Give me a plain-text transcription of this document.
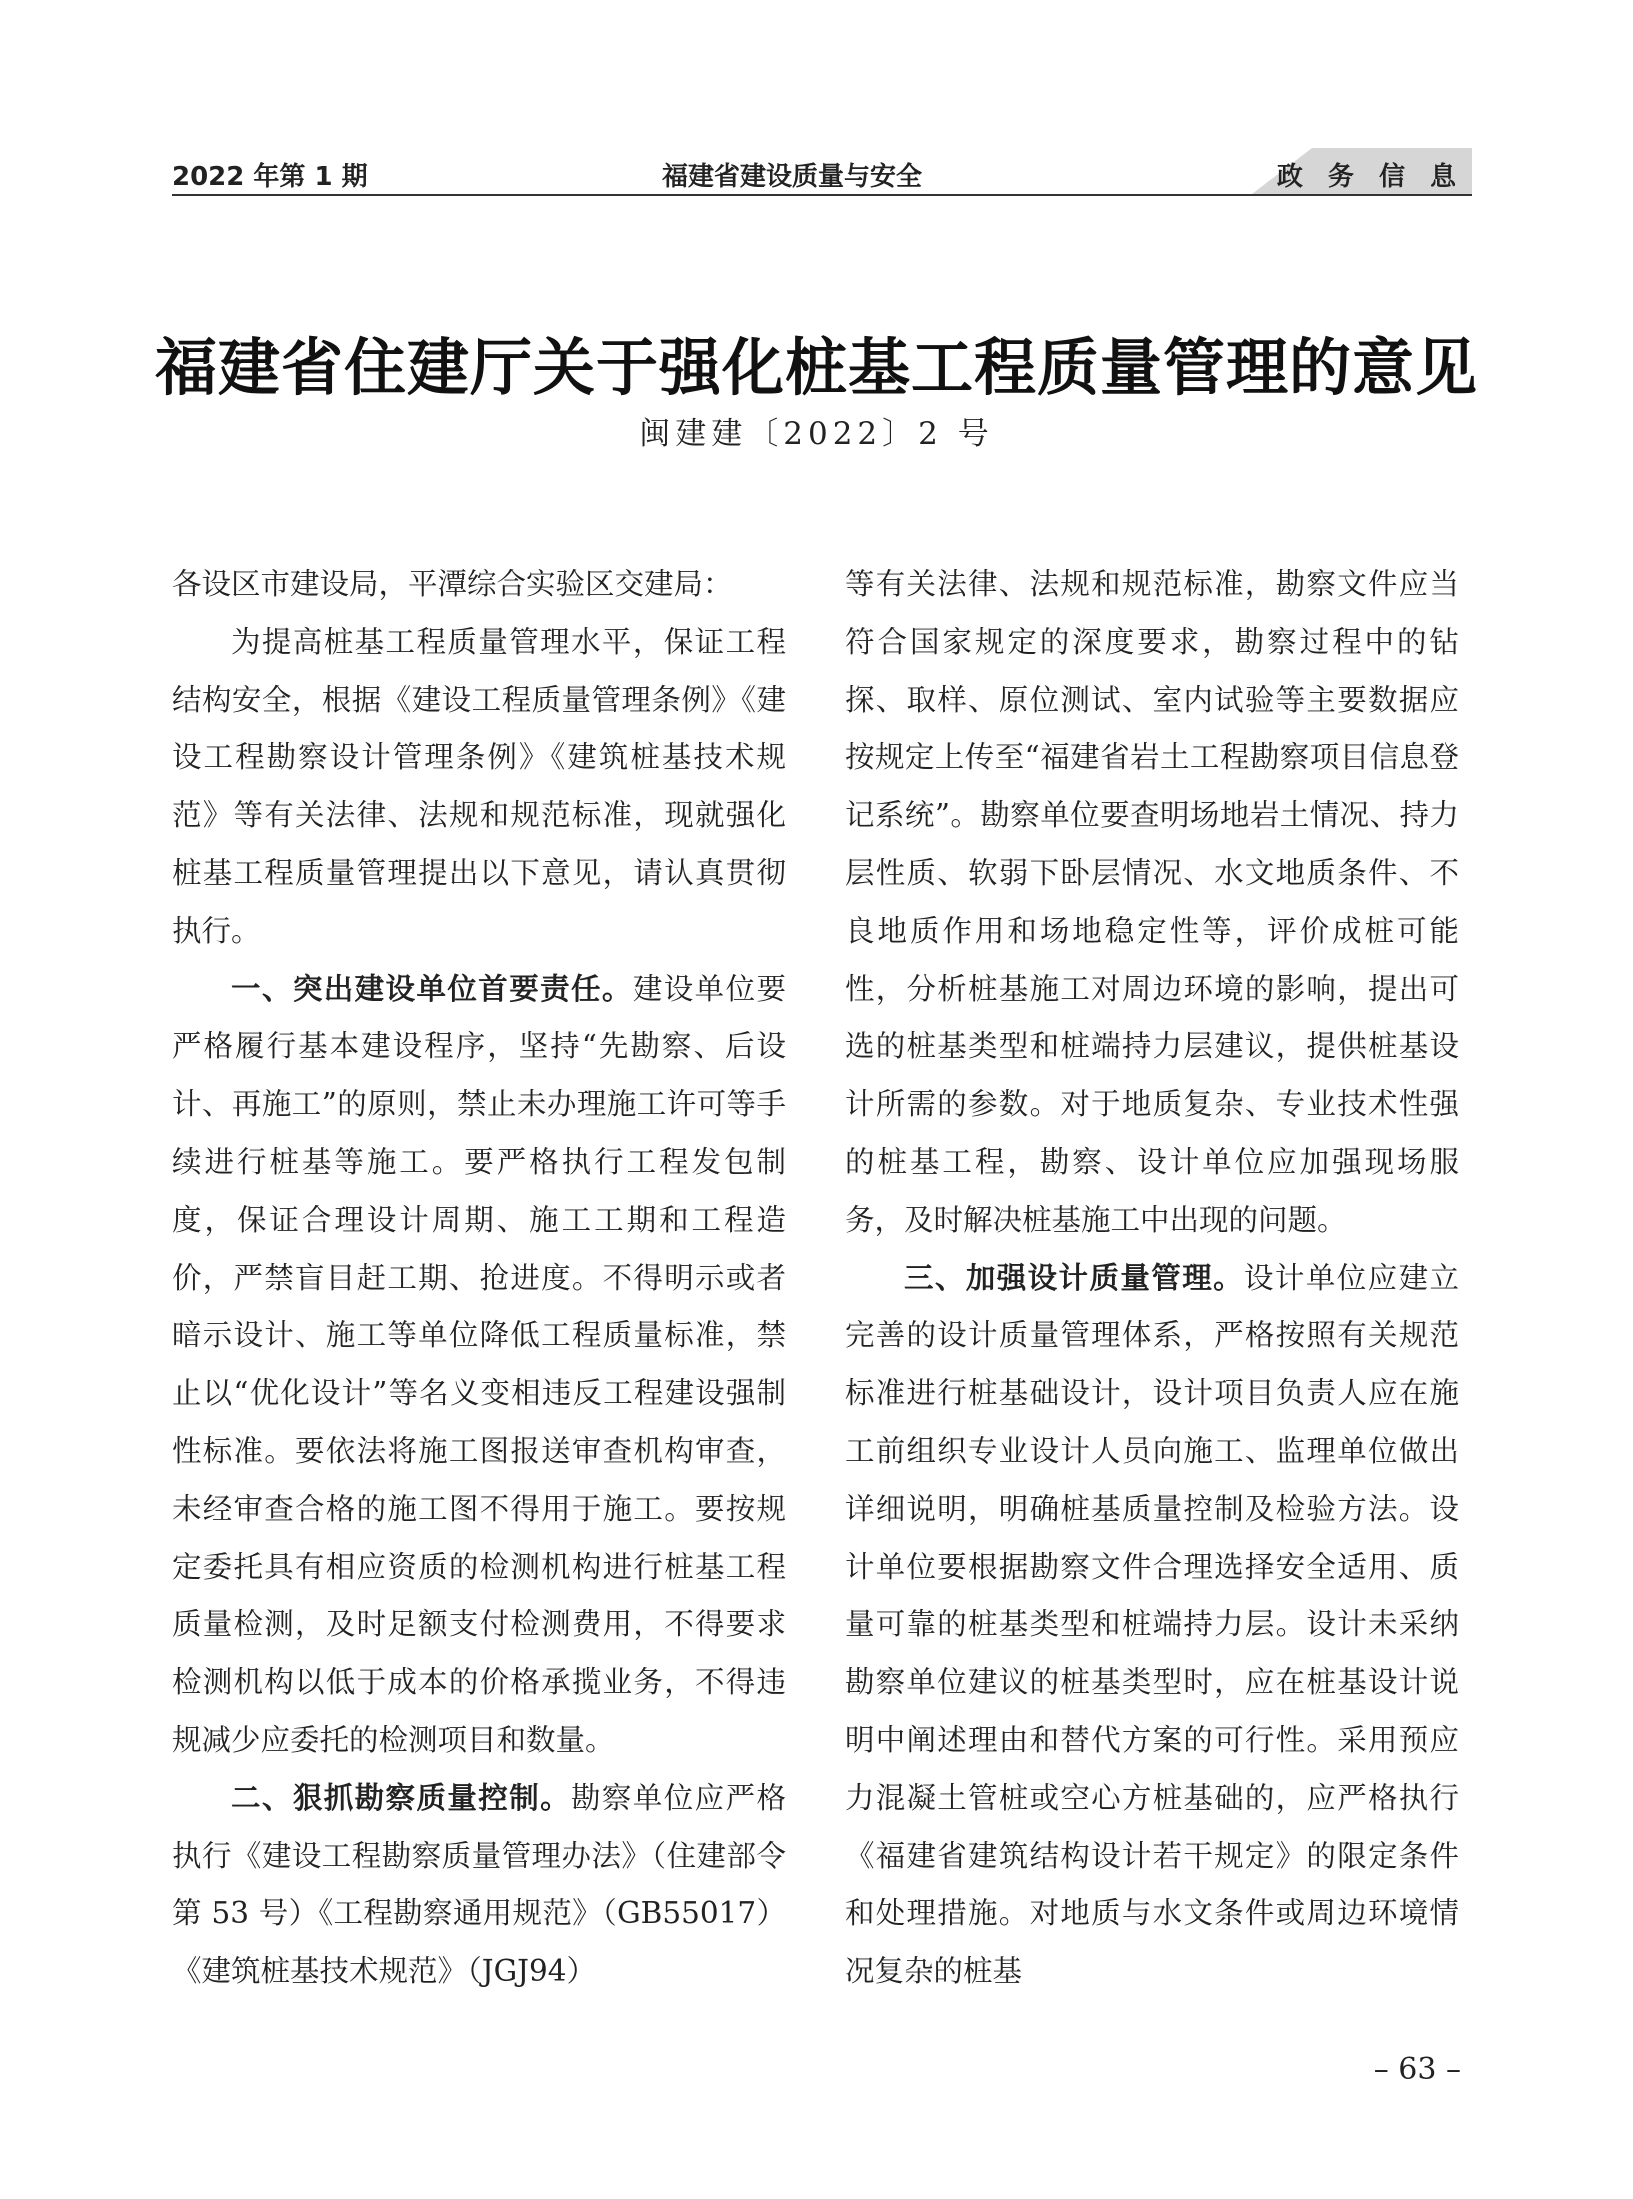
2022 年第 1 期	福建省建设质量与安全	政 务 信 息
福建省住建厅关于强化桩基工程质量管理的意见
闽建建〔2022〕2 号

各设区市建设局，平潭综合实验区交建局：

为提高桩基工程质量管理水平，保证工程结构安全，根据《建设工程质量管理条例》《建设工程勘察设计管理条例》《建筑桩基技术规范》等有关法律、法规和规范标准，现就强化桩基工程质量管理提出以下意见，请认真贯彻执行。

一、突出建设单位首要责任。建设单位要严格履行基本建设程序，坚持“先勘察、后设计、再施工”的原则，禁止未办理施工许可等手续进行桩基等施工。要严格执行工程发包制度，保证合理设计周期、施工工期和工程造价，严禁盲目赶工期、抢进度。不得明示或者暗示设计、施工等单位降低工程质量标准，禁止以“优化设计”等名义变相违反工程建设强制性标准。要依法将施工图报送审查机构审查，未经审查合格的施工图不得用于施工。要按规定委托具有相应资质的检测机构进行桩基工程质量检测，及时足额支付检测费用，不得要求检测机构以低于成本的价格承揽业务，不得违规减少应委托的检测项目和数量。

二、狠抓勘察质量控制。勘察单位应严格执行《建设工程勘察质量管理办法》（住建部令第 53 号）《工程勘察通用规范》（GB55017）《建筑桩基技术规范》（JGJ94）

等有关法律、法规和规范标准，勘察文件应当符合国家规定的深度要求，勘察过程中的钻探、取样、原位测试、室内试验等主要数据应按规定上传至“福建省岩土工程勘察项目信息登记系统”。勘察单位要查明场地岩土情况、持力层性质、软弱下卧层情况、水文地质条件、不良地质作用和场地稳定性等，评价成桩可能性，分析桩基施工对周边环境的影响，提出可选的桩基类型和桩端持力层建议，提供桩基设计所需的参数。对于地质复杂、专业技术性强的桩基工程，勘察、设计单位应加强现场服务，及时解决桩基施工中出现的问题。

三、加强设计质量管理。设计单位应建立完善的设计质量管理体系，严格按照有关规范标准进行桩基础设计，设计项目负责人应在施工前组织专业设计人员向施工、监理单位做出详细说明，明确桩基质量控制及检验方法。设计单位要根据勘察文件合理选择安全适用、质量可靠的桩基类型和桩端持力层。设计未采纳勘察单位建议的桩基类型时，应在桩基设计说明中阐述理由和替代方案的可行性。采用预应力混凝土管桩或空心方桩基础的，应严格执行《福建省建筑结构设计若干规定》的限定条件和处理措施。对地质与水文条件或周边环境情况复杂的桩基

– 63 –
